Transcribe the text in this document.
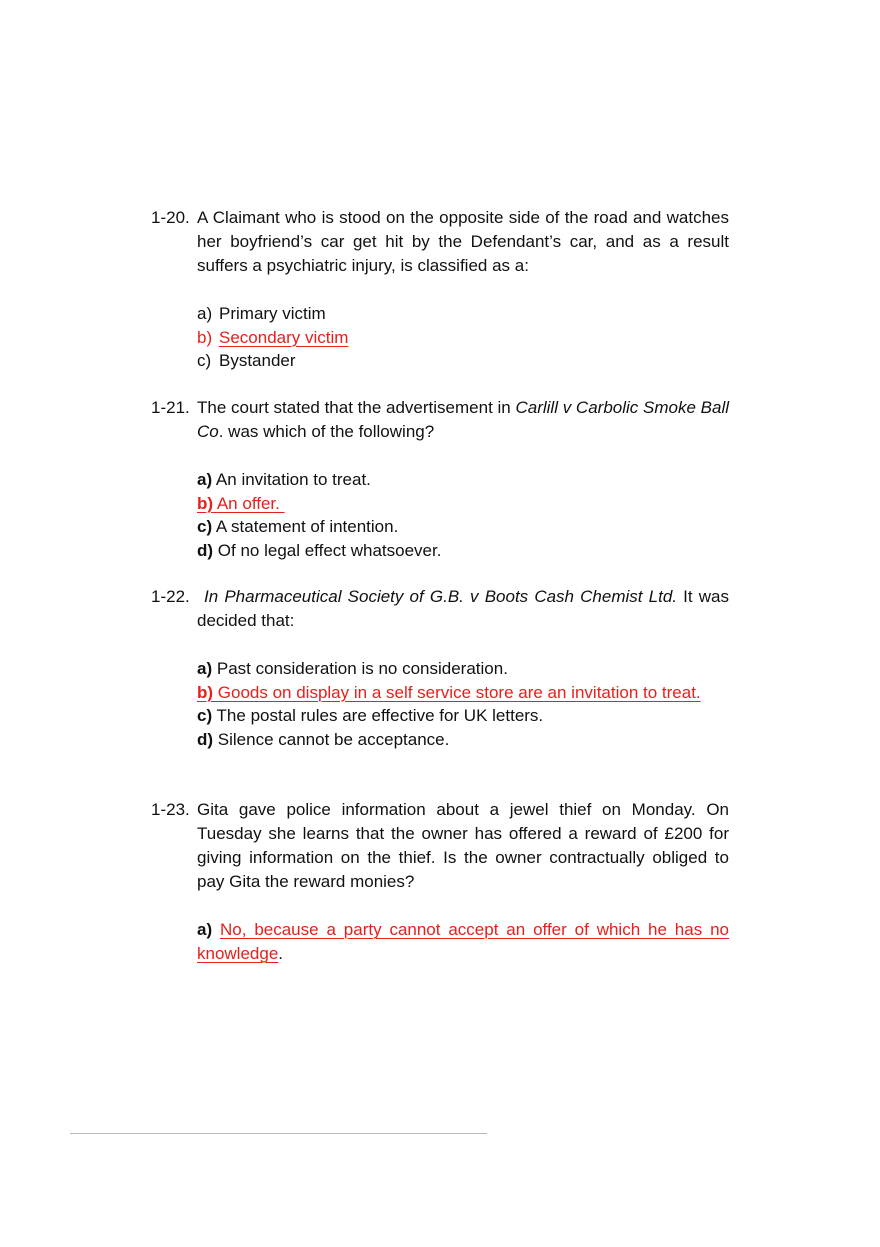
1-20. A Claimant who is stood on the opposite side of the road and watches her boyfriend’s car get hit by the Defendant’s car, and as a result suffers a psychiatric injury, is classified as a:
a) Primary victim
b) Secondary victim
c) Bystander
1-21. The court stated that the advertisement in Carlill v Carbolic Smoke Ball Co. was which of the following?
a) An invitation to treat.
b) An offer.
c) A statement of intention.
d) Of no legal effect whatsoever.
1-22. In Pharmaceutical Society of G.B. v Boots Cash Chemist Ltd. It was decided that:
a) Past consideration is no consideration.
b) Goods on display in a self service store are an invitation to treat.
c) The postal rules are effective for UK letters.
d) Silence cannot be acceptance.
1-23. Gita gave police information about a jewel thief on Monday. On Tuesday she learns that the owner has offered a reward of £200 for giving information on the thief. Is the owner contractually obliged to pay Gita the reward monies?
a) No, because a party cannot accept an offer of which he has no knowledge.
